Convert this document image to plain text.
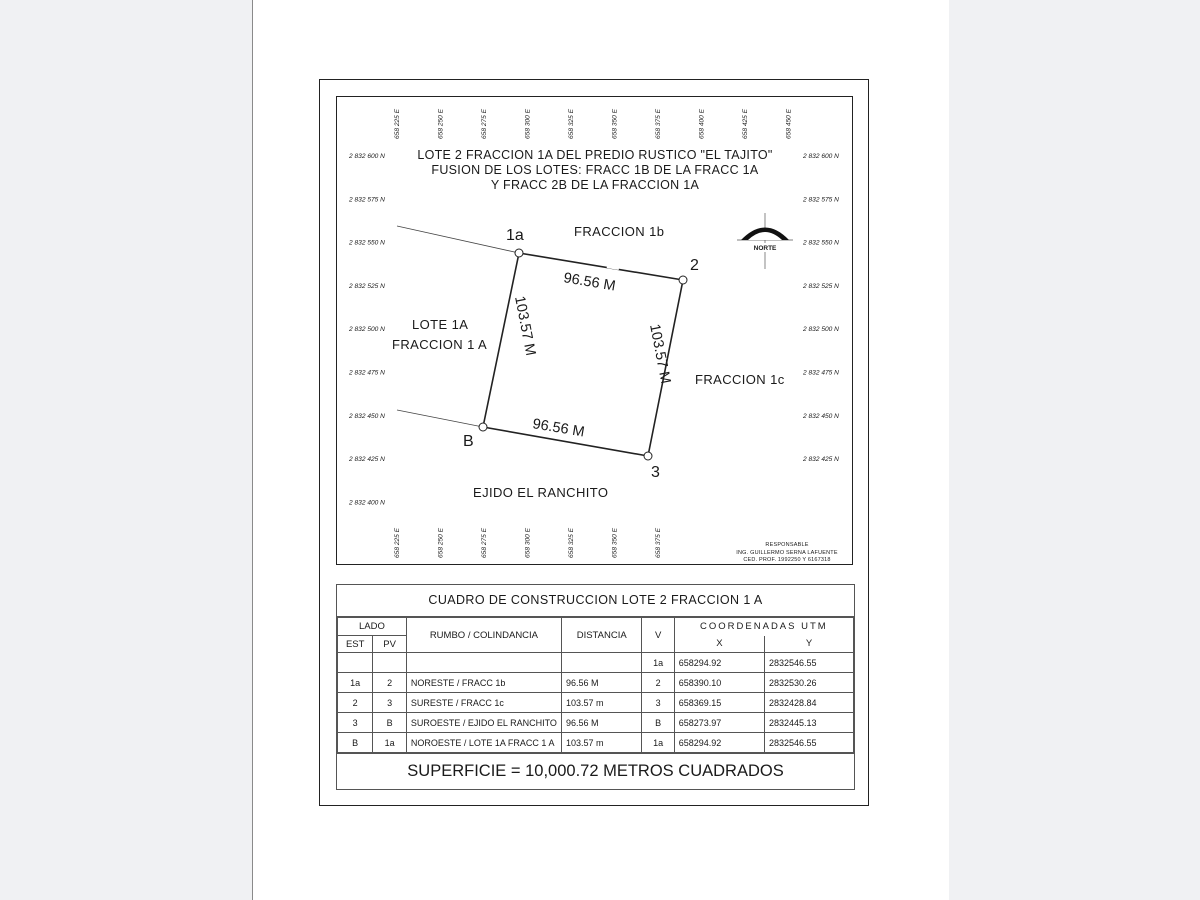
658 225 E	658 250 E	658 275 E	658 300 E	658 325 E	658 350 E	658 375 E	658 400 E	658 425 E	658 450 E
658 225 E	658 250 E	658 275 E	658 300 E	658 325 E	658 350 E	658 375 E
2 832 600 N
2 832 575 N
2 832 550 N
2 832 525 N
2 832 500 N
2 832 475 N
2 832 450 N
2 832 425 N
2 832 400 N
2 832 600 N
2 832 575 N
2 832 550 N
2 832 525 N
2 832 500 N
2 832 475 N
2 832 450 N
2 832 425 N
LOTE 2 FRACCION 1A DEL PREDIO RUSTICO "EL TAJITO"
FUSION DE LOS LOTES: FRACC 1B DE LA FRACC 1A
Y FRACC 2B DE LA FRACCION 1A
1a
2
3
B
96.56 M
96.56 M
103.57 M	103.57 M
FRACCION 1b
LOTE 1A
FRACCION 1 A
FRACCION 1c
EJIDO EL RANCHITO
NORTE
RESPONSABLE
ING. GUILLERMO SERNA LAFUENTE
CED. PROF. 1992250 Y 6167318
CUADRO DE CONSTRUCCION LOTE 2 FRACCION 1 A
LADO		RUMBO / COLINDANCIA	DISTANCIA	V	COORDENADAS UTM	
EST	PV				X	Y
				1a	658294.92	2832546.55
1a	2	NORESTE / FRACC 1b	96.56 M	2	658390.10	2832530.26
2	3	SURESTE / FRACC 1c	103.57 m	3	658369.15	2832428.84
3	B	SUROESTE / EJIDO EL RANCHITO	96.56 M	B	658273.97	2832445.13
B	1a	NOROESTE / LOTE 1A FRACC 1 A	103.57 m	1a	658294.92	2832546.55
SUPERFICIE = 10,000.72 METROS CUADRADOS
